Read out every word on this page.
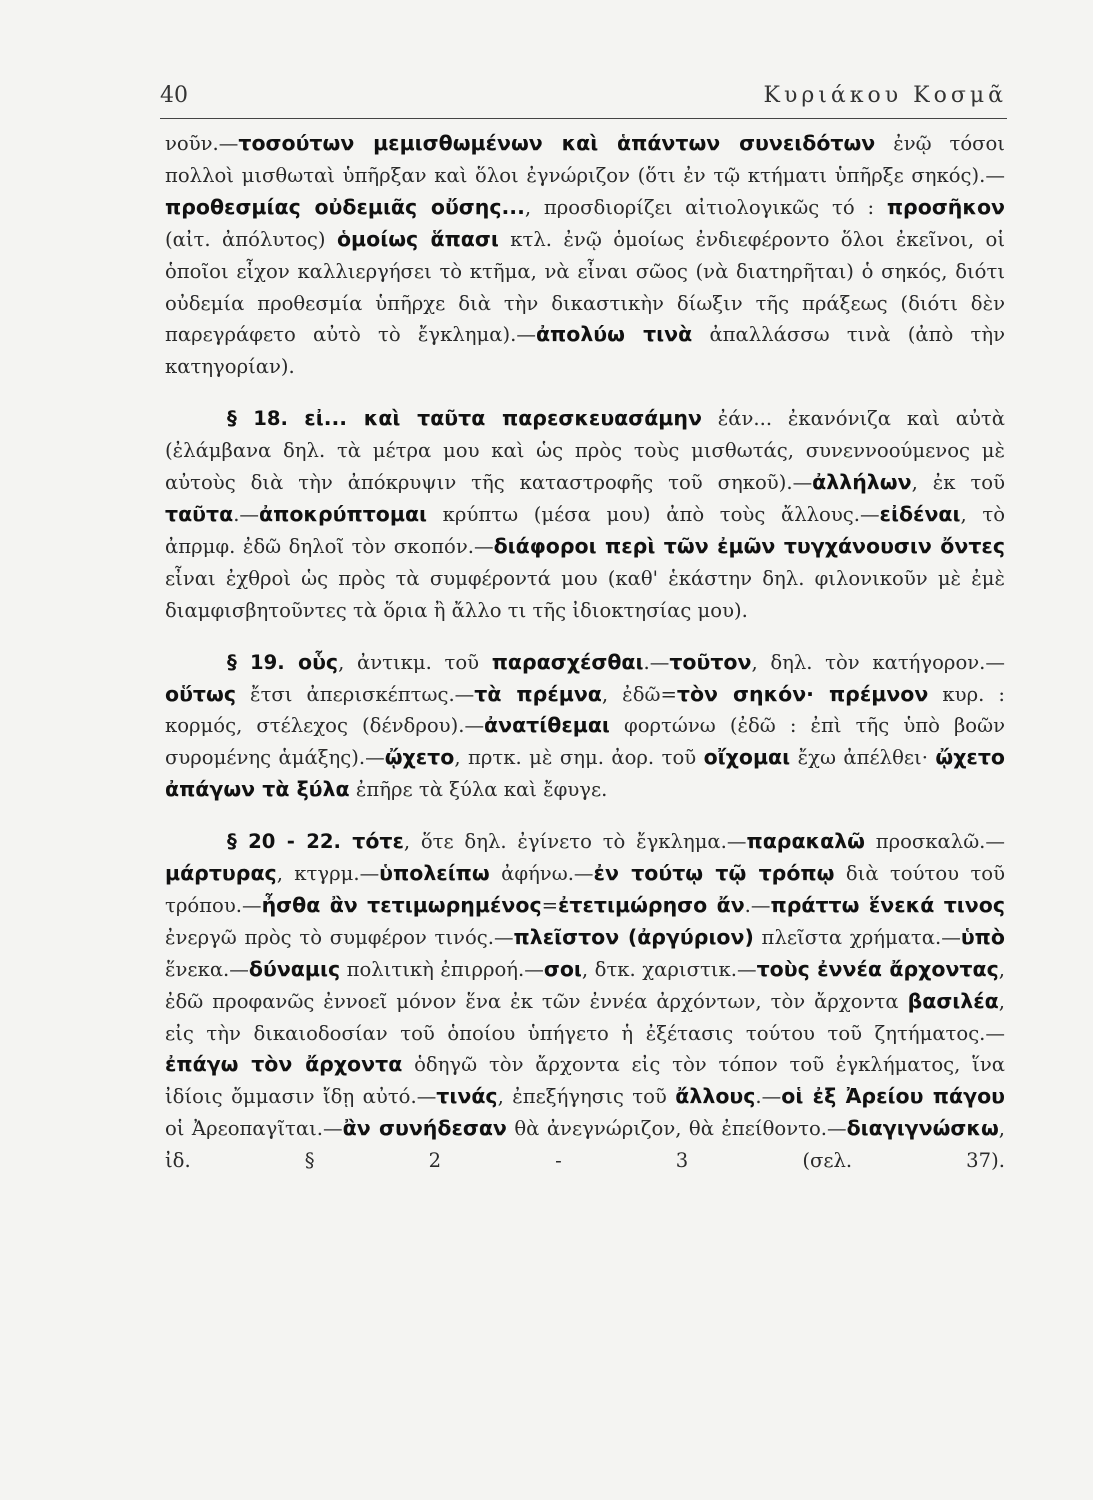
40	Κυριάκου Κοσμᾶ

νοῦν.—τοσούτων μεμισθωμένων καὶ ἁπάντων συνειδότων ἐνῷ τόσοι πολλοὶ μισθωταὶ ὑπῆρξαν καὶ ὅλοι ἐγνώριζον (ὅτι ἐν τῷ κτήματι ὑπῆρξε σηκός).— προθεσμίας οὐδεμιᾶς οὔσης..., προσδιορίζει αἰτιολογικῶς τό : προσῆκον (αἰτ. ἀπόλυτος) ὁμοίως ἅπασι κτλ. ἐνῷ ὁμοίως ἐνδιεφέροντο ὅλοι ἐκεῖνοι, οἱ ὁποῖοι εἶχον καλλιεργήσει τὸ κτῆμα, νὰ εἶναι σῶος (νὰ διατηρῆται) ὁ σηκός, διότι οὐδεμία προθεσμία ὑπῆρχε διὰ τὴν δικαστικὴν δίωξιν τῆς πράξεως (διότι δὲν παρεγράφετο αὐτὸ τὸ ἔγκλημα).—ἀπολύω τινὰ ἀπαλλάσσω τινὰ (ἀπὸ τὴν κατηγορίαν).

§ 18. εἰ... καὶ ταῦτα παρεσκευασάμην ἐάν... ἐκανόνιζα καὶ αὐτὰ (ἐλάμβανα δηλ. τὰ μέτρα μου καὶ ὡς πρὸς τοὺς μισθωτάς, συνεννοούμενος μὲ αὐτοὺς διὰ τὴν ἀπόκρυψιν τῆς καταστροφῆς τοῦ σηκοῦ).—ἀλλήλων, ἐκ τοῦ ταῦτα.—ἀποκρύπτομαι κρύπτω (μέσα μου) ἀπὸ τοὺς ἄλλους.—εἰδέναι, τὸ ἀπρμφ. ἐδῶ δηλοῖ τὸν σκοπόν.—διάφοροι περὶ τῶν ἐμῶν τυγχάνουσιν ὄντες εἶναι ἐχθροὶ ὡς πρὸς τὰ συμφέροντά μου (καθ' ἑκάστην δηλ. φιλονικοῦν μὲ ἐμὲ διαμφισβητοῦντες τὰ ὅρια ἢ ἄλλο τι τῆς ἰδιοκτησίας μου).

§ 19. οὗς, ἀντικμ. τοῦ παρασχέσθαι.—τοῦτον, δηλ. τὸν κατήγορον.—οὕτως ἔτσι ἀπερισκέπτως.—τὰ πρέμνα, ἐδῶ=τὸν σηκόν· πρέμνον κυρ. : κορμός, στέλεχος (δένδρου).—ἀνατίθεμαι φορτώνω (ἐδῶ : ἐπὶ τῆς ὑπὸ βοῶν συρομένης ἁμάξης).—ᾤχετο, πρτκ. μὲ σημ. ἀορ. τοῦ οἴχομαι ἔχω ἀπέλθει· ᾤχετο ἀπάγων τὰ ξύλα ἐπῆρε τὰ ξύλα καὶ ἔφυγε.

§ 20 - 22. τότε, ὅτε δηλ. ἐγίνετο τὸ ἔγκλημα.—παρακαλῶ προσκαλῶ.—μάρτυρας, κτγρμ.—ὑπολείπω ἀφήνω.—ἐν τούτῳ τῷ τρόπῳ διὰ τούτου τοῦ τρόπου.—ἦσθα ἂν τετιμωρημένος=ἐτετιμώρησο ἄν.—πράττω ἕνεκά τινος ἐνεργῶ πρὸς τὸ συμφέρον τινός.—πλεῖστον (ἀργύριον) πλεῖστα χρήματα.—ὑπὸ ἕνεκα.—δύναμις πολιτικὴ ἐπιρροή.—σοι, δτκ. χαριστικ.—τοὺς ἐννέα ἄρχοντας, ἐδῶ προφανῶς ἐννοεῖ μόνον ἕνα ἐκ τῶν ἐννέα ἀρχόντων, τὸν ἄρχοντα βασιλέα, εἰς τὴν δικαιοδοσίαν τοῦ ὁποίου ὑπήγετο ἡ ἐξέτασις τούτου τοῦ ζητήματος.—ἐπάγω τὸν ἄρχοντα ὁδηγῶ τὸν ἄρχοντα εἰς τὸν τόπον τοῦ ἐγκλήματος, ἵνα ἰδίοις ὄμμασιν ἴδῃ αὐτό.—τινάς, ἐπεξήγησις τοῦ ἄλλους.—οἱ ἐξ Ἀρείου πάγου οἱ Ἀρεοπαγῖται.—ἂν συνήδεσαν θὰ ἀνεγνώριζον, θὰ ἐπείθοντο.—διαγιγνώσκω, ἰδ. § 2 - 3 (σελ. 37).
